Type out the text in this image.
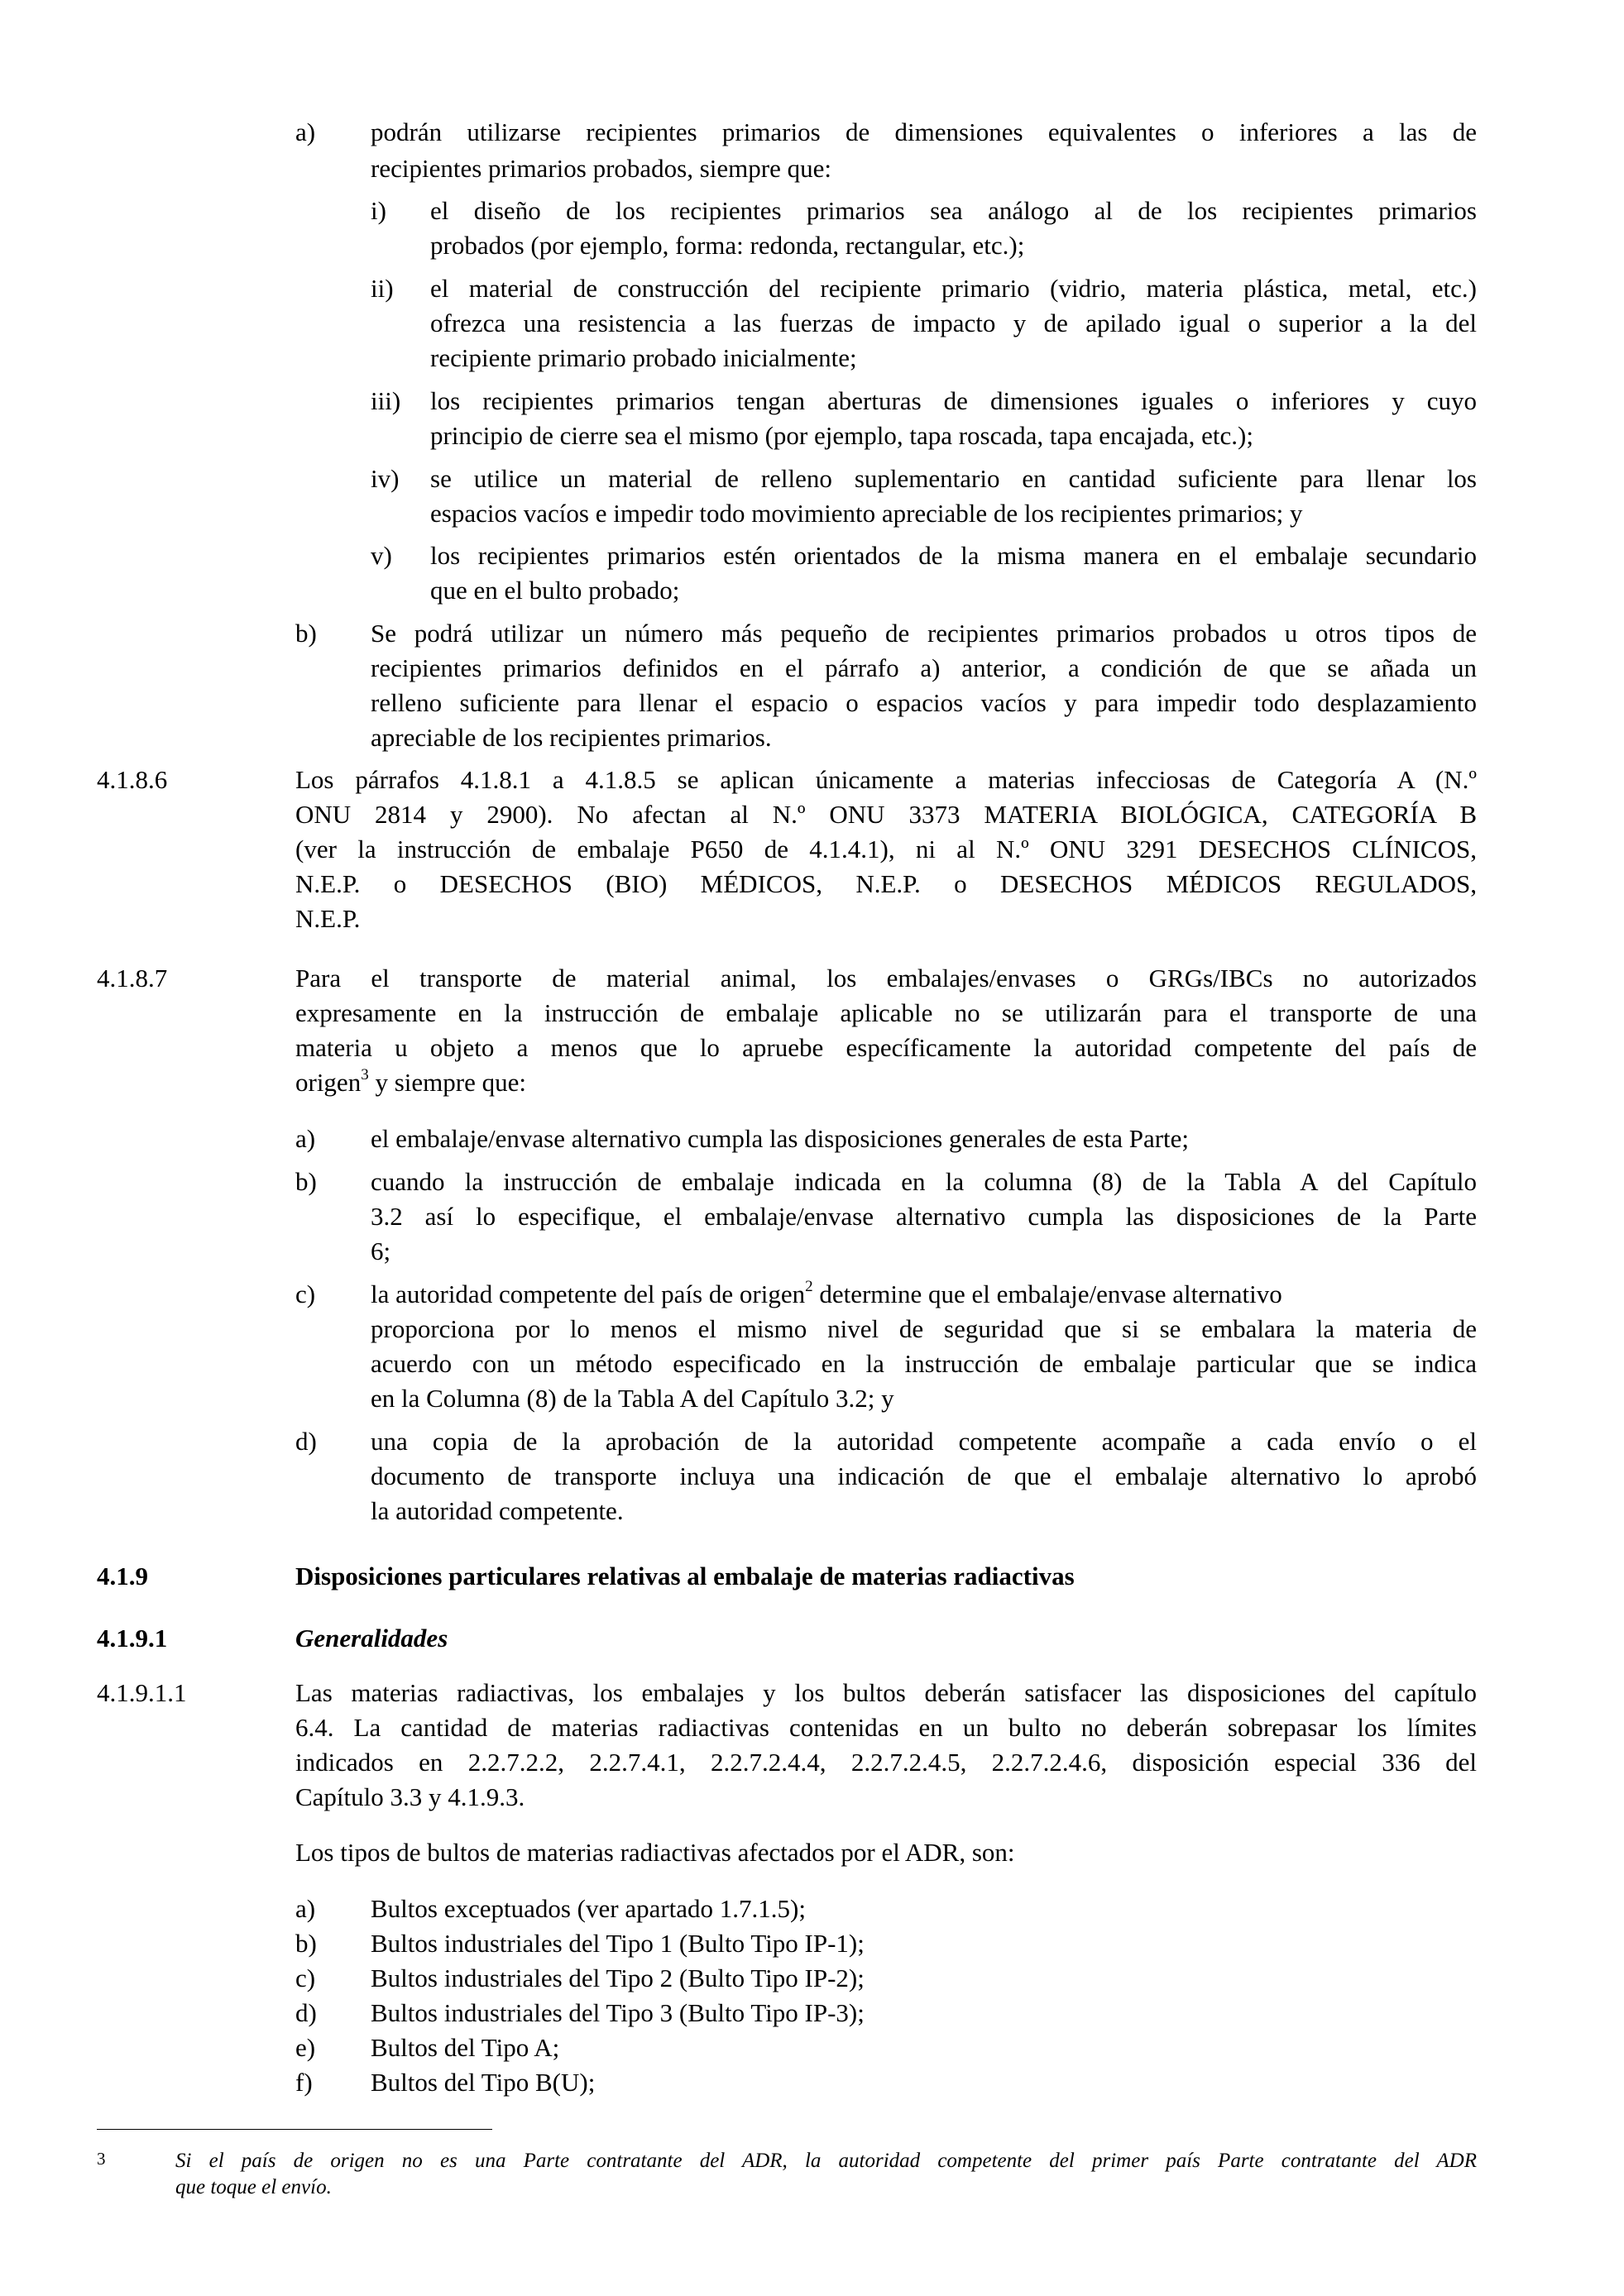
a) podrán utilizarse recipientes primarios de dimensiones equivalentes o inferiores a las de
recipientes primarios probados, siempre que:
i) el diseño de los recipientes primarios sea análogo al de los recipientes primarios
probados (por ejemplo, forma: redonda, rectangular, etc.);
ii) el material de construcción del recipiente primario (vidrio, materia plástica, metal, etc.)
ofrezca una resistencia a las fuerzas de impacto y de apilado igual o superior a la del
recipiente primario probado inicialmente;
iii) los recipientes primarios tengan aberturas de dimensiones iguales o inferiores y cuyo
principio de cierre sea el mismo (por ejemplo, tapa roscada, tapa encajada, etc.);
iv) se utilice un material de relleno suplementario en cantidad suficiente para llenar los
espacios vacíos e impedir todo movimiento apreciable de los recipientes primarios; y
v) los recipientes primarios estén orientados de la misma manera en el embalaje secundario
que en el bulto probado;
b) Se podrá utilizar un número más pequeño de recipientes primarios probados u otros tipos de
recipientes primarios definidos en el párrafo a) anterior, a condición de que se añada un
relleno suficiente para llenar el espacio o espacios vacíos y para impedir todo desplazamiento
apreciable de los recipientes primarios.
4.1.8.6	Los párrafos 4.1.8.1 a 4.1.8.5 se aplican únicamente a materias infecciosas de Categoría A (N.º
ONU 2814 y 2900). No afectan al N.º ONU 3373 MATERIA BIOLÓGICA, CATEGORÍA B
(ver la instrucción de embalaje P650 de 4.1.4.1), ni al N.º ONU 3291 DESECHOS CLÍNICOS,
N.E.P. o DESECHOS (BIO) MÉDICOS, N.E.P. o DESECHOS MÉDICOS REGULADOS,
N.E.P.
4.1.8.7	Para el transporte de material animal, los embalajes/envases o GRGs/IBCs no autorizados
expresamente en la instrucción de embalaje aplicable no se utilizarán para el transporte de una
materia u objeto a menos que lo apruebe específicamente la autoridad competente del país de
origen$^3$ y siempre que:
a) el embalaje/envase alternativo cumpla las disposiciones generales de esta Parte;
b) cuando la instrucción de embalaje indicada en la columna (8) de la Tabla A del Capítulo
3.2 así lo especifique, el embalaje/envase alternativo cumpla las disposiciones de la Parte
6;
c) la autoridad competente del país de origen$^2$ determine que el embalaje/envase alternativo
proporciona por lo menos el mismo nivel de seguridad que si se embalara la materia de
acuerdo con un método especificado en la instrucción de embalaje particular que se indica
en la Columna (8) de la Tabla A del Capítulo 3.2; y
d) una copia de la aprobación de la autoridad competente acompañe a cada envío o el
documento de transporte incluya una indicación de que el embalaje alternativo lo aprobó
la autoridad competente.
4.1.9	Disposiciones particulares relativas al embalaje de materias radiactivas
4.1.9.1	Generalidades
4.1.9.1.1	Las materias radiactivas, los embalajes y los bultos deberán satisfacer las disposiciones del capítulo
6.4. La cantidad de materias radiactivas contenidas en un bulto no deberán sobrepasar los límites
indicados en 2.2.7.2.2, 2.2.7.4.1, 2.2.7.2.4.4, 2.2.7.2.4.5, 2.2.7.2.4.6, disposición especial 336 del
Capítulo 3.3 y 4.1.9.3.
Los tipos de bultos de materias radiactivas afectados por el ADR, son:
a) Bultos exceptuados (ver apartado 1.7.1.5);
b) Bultos industriales del Tipo 1 (Bulto Tipo IP-1);
c) Bultos industriales del Tipo 2 (Bulto Tipo IP-2);
d) Bultos industriales del Tipo 3 (Bulto Tipo IP-3);
e) Bultos del Tipo A;
f) Bultos del Tipo B(U);
3	Si el país de origen no es una Parte contratante del ADR, la autoridad competente del primer país Parte contratante del ADR
que toque el envío.
